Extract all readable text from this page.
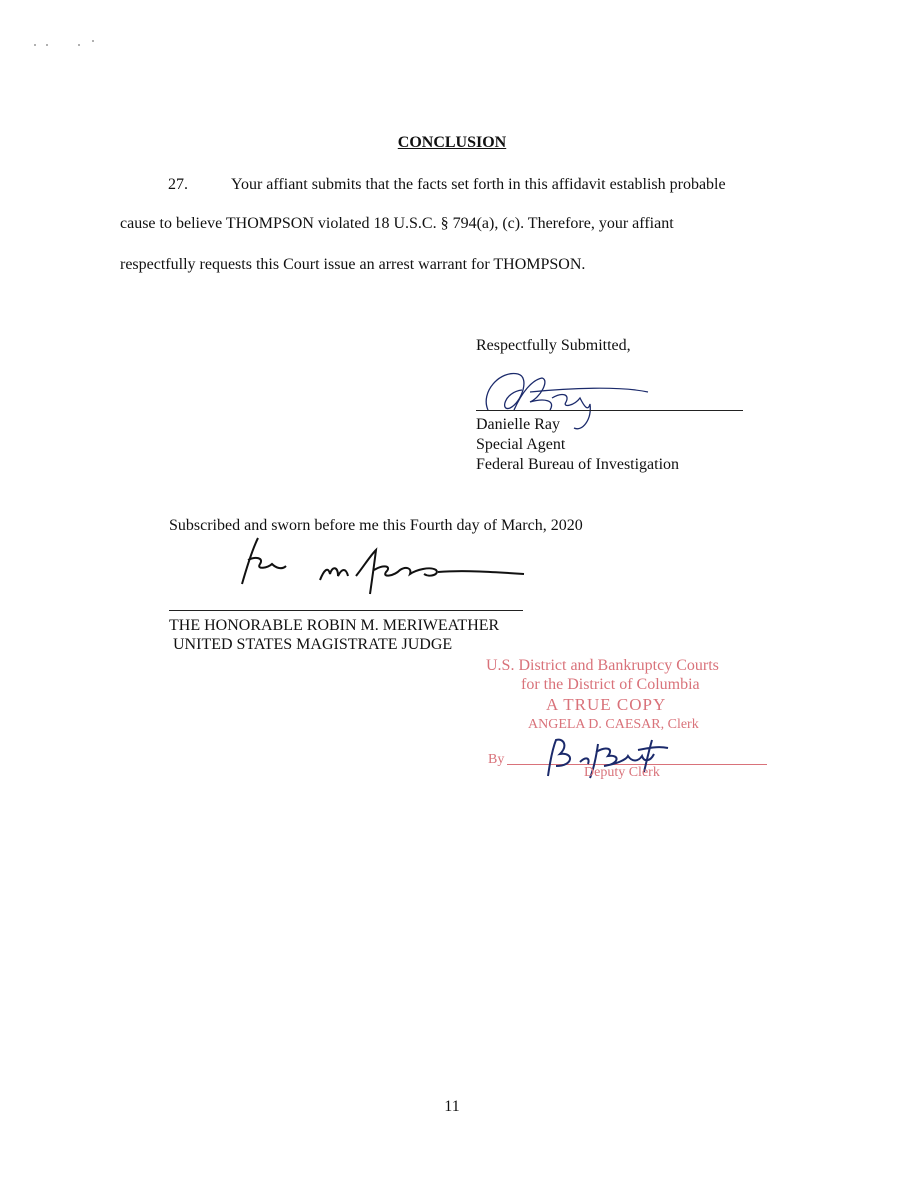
CONCLUSION
27.	Your affiant submits that the facts set forth in this affidavit establish probable
cause to believe THOMPSON violated 18 U.S.C. § 794(a), (c). Therefore, your affiant
respectfully requests this Court issue an arrest warrant for THOMPSON.
Respectfully Submitted,
Danielle Ray
Special Agent
Federal Bureau of Investigation
Subscribed and sworn before me this Fourth day of March, 2020
THE HONORABLE ROBIN M. MERIWEATHER
UNITED STATES MAGISTRATE JUDGE
U.S. District and Bankruptcy Courts
for the District of Columbia
A TRUE COPY
ANGELA D. CAESAR, Clerk
By
Deputy Clerk
11
